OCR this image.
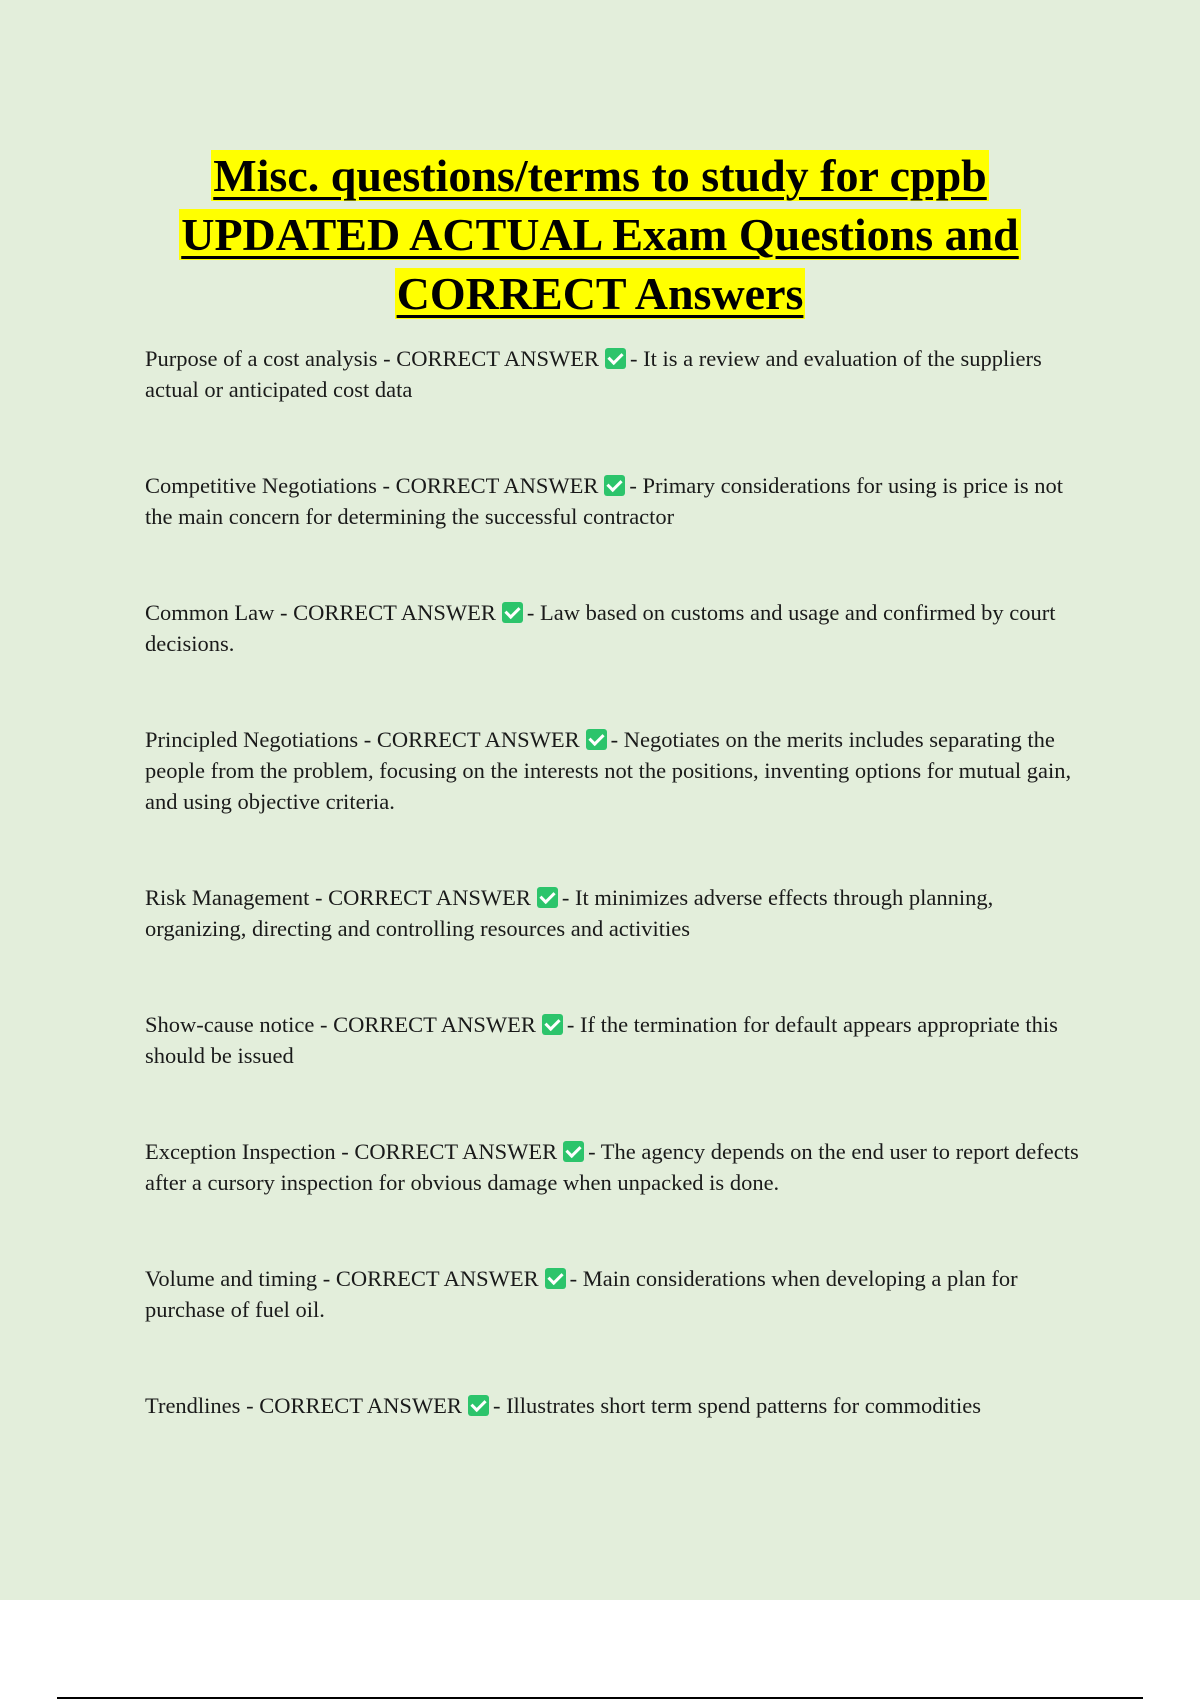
Misc. questions/terms to study for cppb
UPDATED ACTUAL Exam Questions and
CORRECT Answers

Purpose of a cost analysis - CORRECT ANSWER - It is a review and evaluation of the suppliers actual or anticipated cost data

Competitive Negotiations - CORRECT ANSWER - Primary considerations for using is price is not the main concern for determining the successful contractor

Common Law - CORRECT ANSWER - Law based on customs and usage and confirmed by court decisions.

Principled Negotiations - CORRECT ANSWER - Negotiates on the merits includes separating the people from the problem, focusing on the interests not the positions, inventing options for mutual gain, and using objective criteria.

Risk Management - CORRECT ANSWER - It minimizes adverse effects through planning, organizing, directing and controlling resources and activities

Show-cause notice - CORRECT ANSWER - If the termination for default appears appropriate this should be issued

Exception Inspection - CORRECT ANSWER - The agency depends on the end user to report defects after a cursory inspection for obvious damage when unpacked is done.

Volume and timing - CORRECT ANSWER - Main considerations when developing a plan for purchase of fuel oil.

Trendlines - CORRECT ANSWER - Illustrates short term spend patterns for commodities
